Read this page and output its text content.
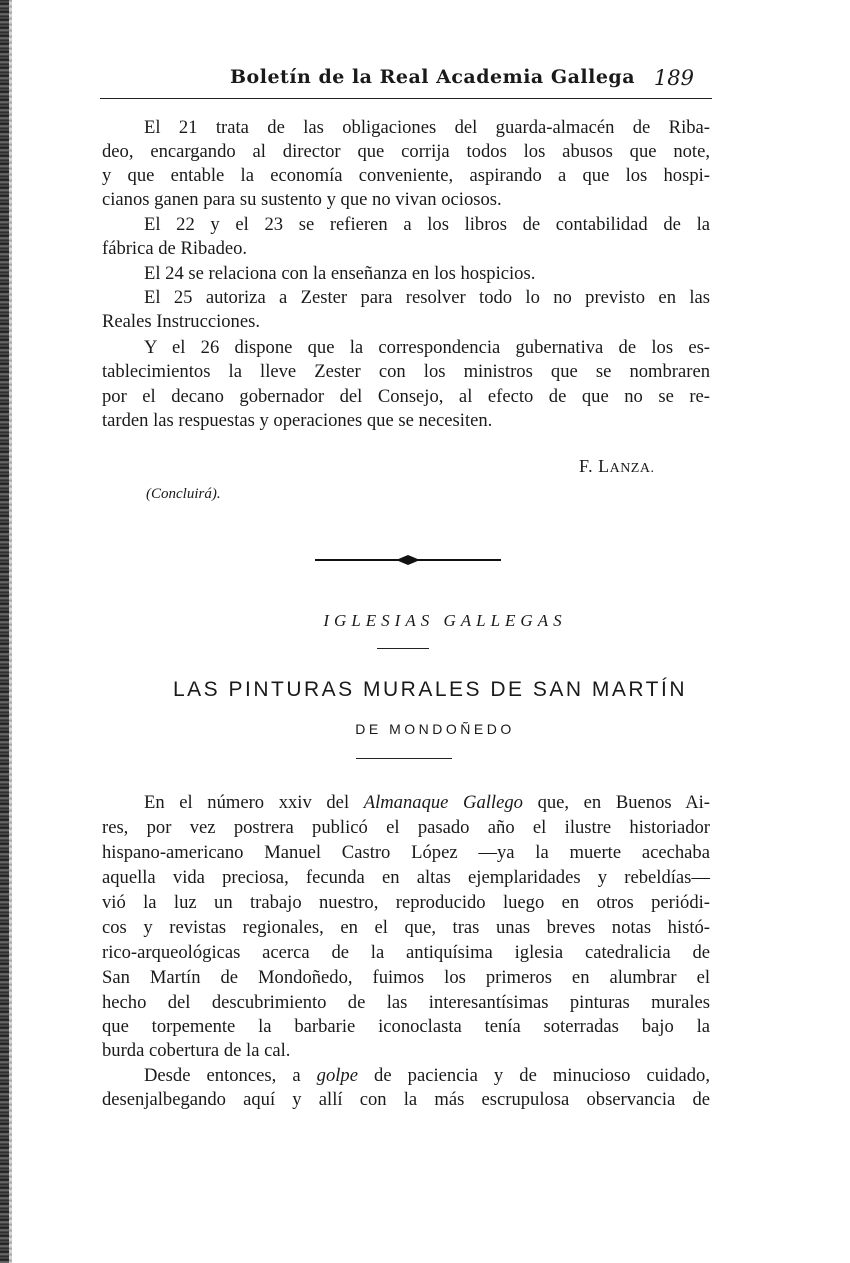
Boletín de la Real Academia Gallega 189
El 21 trata de las obligaciones del guarda-almacén de Riba-
deo, encargando al director que corrija todos los abusos que note,
y que entable la economía conveniente, aspirando a que los hospi-
cianos ganen para su sustento y que no vivan ociosos.
El 22 y el 23 se refieren a los libros de contabilidad de la
fábrica de Ribadeo.
El 24 se relaciona con la enseñanza en los hospicios.
El 25 autoriza a Zester para resolver todo lo no previsto en las
Reales Instrucciones.
Y el 26 dispone que la correspondencia gubernativa de los es-
tablecimientos la lleve Zester con los ministros que se nombraren
por el decano gobernador del Consejo, al efecto de que no se re-
tarden las respuestas y operaciones que se necesiten.
F. LANZA.
(Concluirá).
IGLESIAS GALLEGAS
LAS PINTURAS MURALES DE SAN MARTÍN
DE MONDOÑEDO
En el número xxiv del Almanaque Gallego que, en Buenos Ai-
res, por vez postrera publicó el pasado año el ilustre historiador
hispano-americano Manuel Castro López —ya la muerte acechaba
aquella vida preciosa, fecunda en altas ejemplaridades y rebeldías—
vió la luz un trabajo nuestro, reproducido luego en otros periódi-
cos y revistas regionales, en el que, tras unas breves notas histó-
rico-arqueológicas acerca de la antiquísima iglesia catedralicia de
San Martín de Mondoñedo, fuimos los primeros en alumbrar el
hecho del descubrimiento de las interesantísimas pinturas murales
que torpemente la barbarie iconoclasta tenía soterradas bajo la
burda cobertura de la cal.
Desde entonces, a golpe de paciencia y de minucioso cuidado,
desenjalbegando aquí y allí con la más escrupulosa observancia de
